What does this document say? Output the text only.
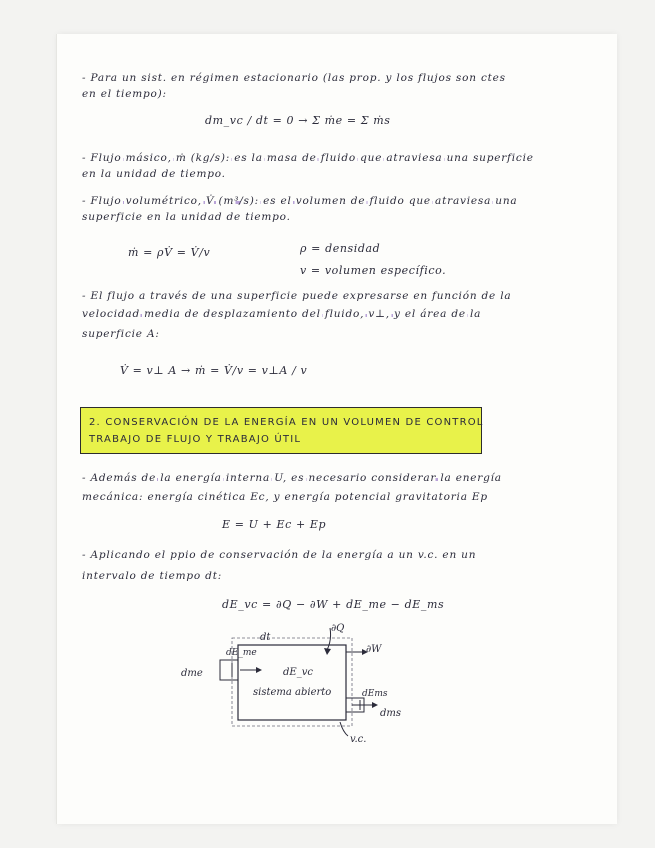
- Para un sist. en régimen estacionario (las prop. y los flujos son ctes
en el tiempo):
dm_vc / dt = 0 → Σ ṁe = Σ ṁs
- Flujo másico, ṁ (kg/s): es la masa de fluido que atraviesa una superficie
en la unidad de tiempo.
- Flujo volumétrico, V̇ (m³/s): es el volumen de fluido que atraviesa una
superficie en la unidad de tiempo.
ṁ = ρV̇ = V̇/v	ρ = densidad
v = volumen específico.
- El flujo a través de una superficie puede expresarse en función de la
velocidad media de desplazamiento del fluido, v⊥, y el área de la
superficie A:
V̇ = v⊥ A → ṁ = V̇/v = v⊥A / v
2. CONSERVACIÓN DE LA ENERGÍA EN UN VOLUMEN DE CONTROL
TRABAJO DE FLUJO Y TRABAJO ÚTIL
- Además de la energía interna U, es necesario considerar la energía
mecánica: energía cinética Ec, y energía potencial gravitatoria Ep
E = U + Ec + Ep
- Aplicando el ppio de conservación de la energía a un v.c. en un
intervalo de tiempo dt:
dE_vc = ∂Q − ∂W + dE_me − dE_ms
dt
∂Q
∂W
dE_me
dme	dE_vc
sistema abierto	dEms
dms
v.c.
